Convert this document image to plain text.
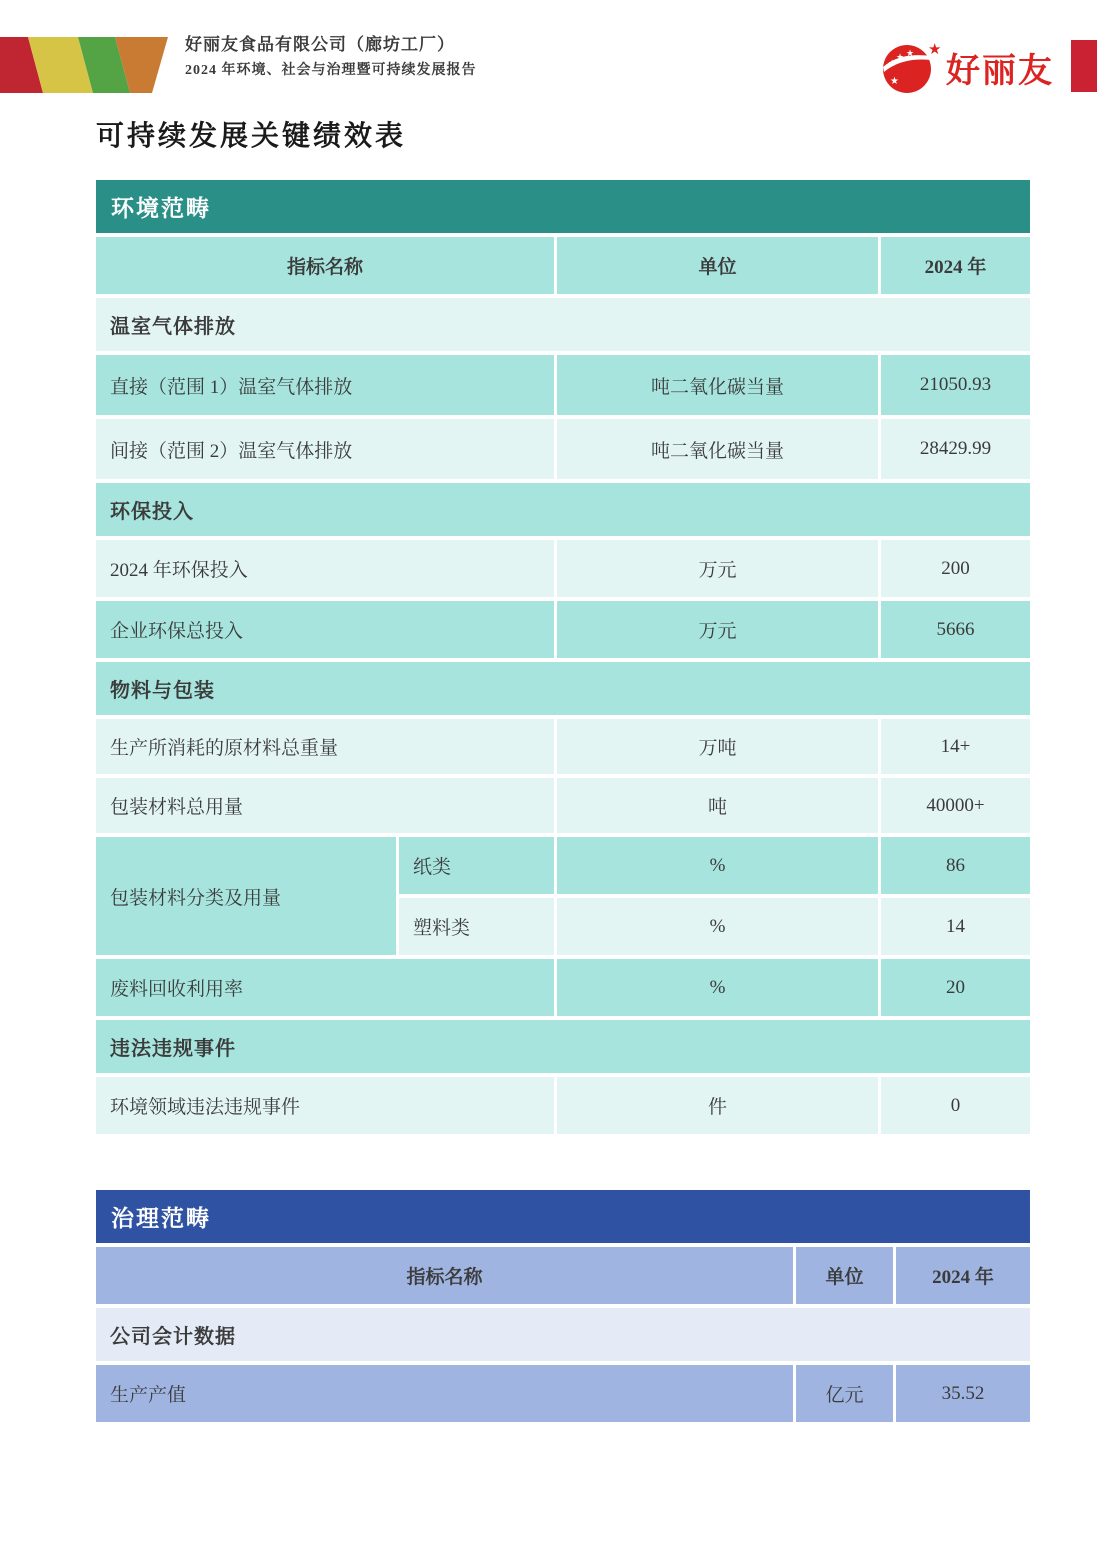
好丽友食品有限公司（廊坊工厂）
2024 年环境、社会与治理暨可持续发展报告	★
★ ★
★
★
好丽友
可持续发展关键绩效表
环境范畴
指标名称	单位	2024 年
温室气体排放
直接（范围 1）温室气体排放	吨二氧化碳当量	21050.93
间接（范围 2）温室气体排放	吨二氧化碳当量	28429.99
环保投入
2024 年环保投入	万元	200
企业环保总投入	万元	5666
物料与包装
生产所消耗的原材料总重量	万吨	14+
包装材料总用量	吨	40000+
包装材料分类及用量
纸类	%	86
塑料类	%	14
废料回收利用率	%	20
违法违规事件
环境领域违法违规事件	件	0
治理范畴
指标名称	单位	2024 年
公司会计数据
生产产值	亿元	35.52
